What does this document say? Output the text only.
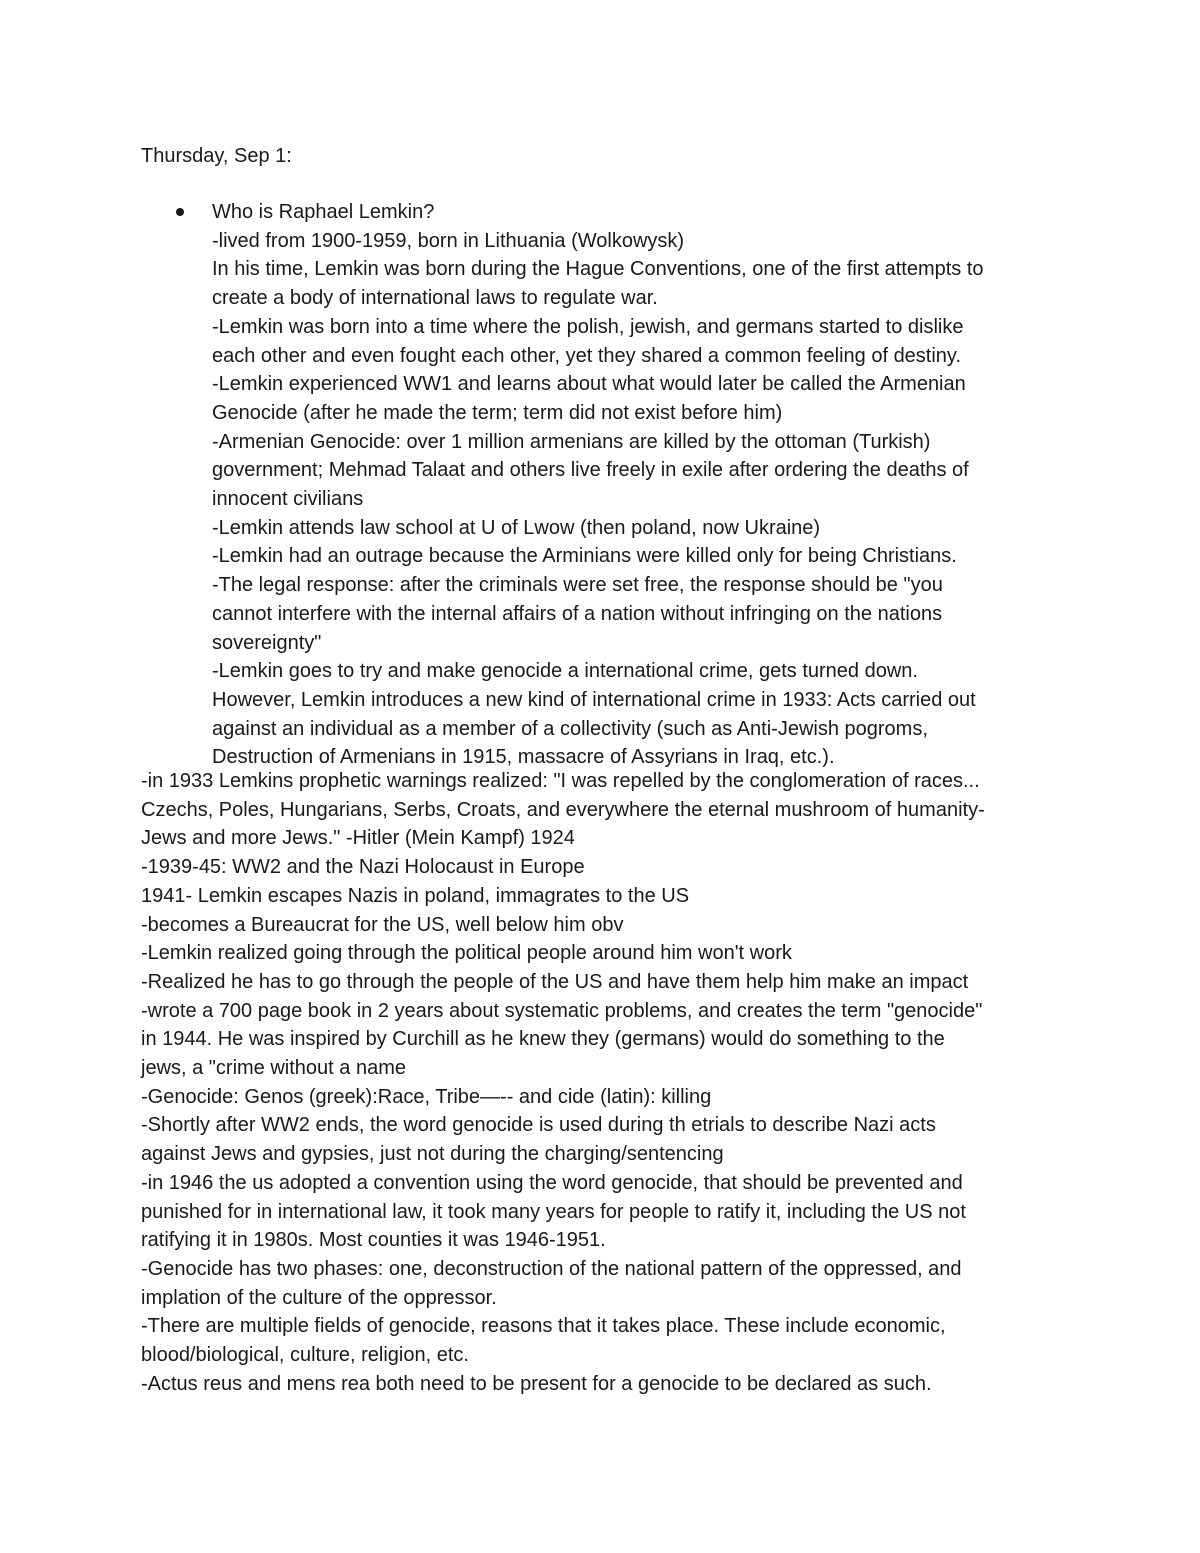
Thursday, Sep 1:

Who is Raphael Lemkin?

-lived from 1900-1959, born in Lithuania (Wolkowysk)

In his time, Lemkin was born during the Hague Conventions, one of the first attempts to

create a body of international laws to regulate war.

-Lemkin was born into a time where the polish, jewish, and germans started to dislike

each other and even fought each other, yet they shared a common feeling of destiny.

-Lemkin experienced WW1 and learns about what would later be called the Armenian

Genocide (after he made the term; term did not exist before him)

-Armenian Genocide: over 1 million armenians are killed by the ottoman (Turkish)

government; Mehmad Talaat and others live freely in exile after ordering the deaths of

innocent civilians

-Lemkin attends law school at U of Lwow (then poland, now Ukraine)

-Lemkin had an outrage because the Arminians were killed only for being Christians.

-The legal response: after the criminals were set free, the response should be "you

cannot interfere with the internal affairs of a nation without infringing on the nations

sovereignty"

-Lemkin goes to try and make genocide a international crime, gets turned down.

However, Lemkin introduces a new kind of international crime in 1933: Acts carried out

against an individual as a member of a collectivity (such as Anti-Jewish pogroms,

Destruction of Armenians in 1915, massacre of Assyrians in Iraq, etc.).

-in 1933 Lemkins prophetic warnings realized: "I was repelled by the conglomeration of races...

Czechs, Poles, Hungarians, Serbs, Croats, and everywhere the eternal mushroom of humanity-

Jews and more Jews." -Hitler (Mein Kampf) 1924

-1939-45: WW2 and the Nazi Holocaust in Europe

1941- Lemkin escapes Nazis in poland, immagrates to the US

-becomes a Bureaucrat for the US, well below him obv

-Lemkin realized going through the political people around him won't work

-Realized he has to go through the people of the US and have them help him make an impact

-wrote a 700 page book in 2 years about systematic problems, and creates the term "genocide"

in 1944. He was inspired by Curchill as he knew they (germans) would do something to the

jews, a "crime without a name

-Genocide: Genos (greek):Race, Tribe—-- and cide (latin): killing

-Shortly after WW2 ends, the word genocide is used during th etrials to describe Nazi acts

against Jews and gypsies, just not during the charging/sentencing

-in 1946 the us adopted a convention using the word genocide, that should be prevented and

punished for in international law, it took many years for people to ratify it, including the US not

ratifying it in 1980s. Most counties it was 1946-1951.

-Genocide has two phases: one, deconstruction of the national pattern of the oppressed, and

implation of the culture of the oppressor.

-There are multiple fields of genocide, reasons that it takes place. These include economic,

blood/biological, culture, religion, etc.

-Actus reus and mens rea both need to be present for a genocide to be declared as such.
